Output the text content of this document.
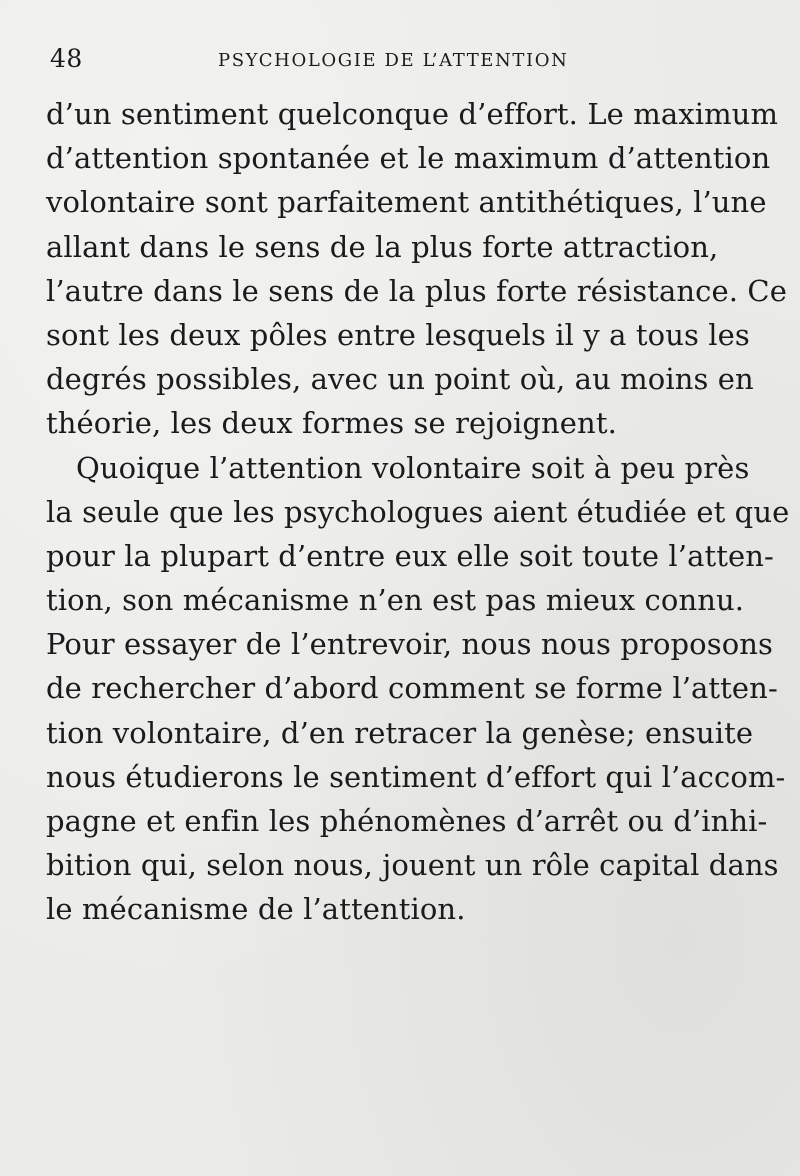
48	PSYCHOLOGIE DE L’ATTENTION
d’un sentiment quelconque d’effort. Le maximum
d’attention spontanée et le maximum d’attention
volontaire sont parfaitement antithétiques, l’une
allant dans le sens de la plus forte attraction,
l’autre dans le sens de la plus forte résistance. Ce
sont les deux pôles entre lesquels il y a tous les
degrés possibles, avec un point où, au moins en
théorie, les deux formes se rejoignent.
Quoique l’attention volontaire soit à peu près
la seule que les psychologues aient étudiée et que
pour la plupart d’entre eux elle soit toute l’atten-
tion, son mécanisme n’en est pas mieux connu.
Pour essayer de l’entrevoir, nous nous proposons
de rechercher d’abord comment se forme l’atten-
tion volontaire, d’en retracer la genèse; ensuite
nous étudierons le sentiment d’effort qui l’accom-
pagne et enfin les phénomènes d’arrêt ou d’inhi-
bition qui, selon nous, jouent un rôle capital dans
le mécanisme de l’attention.
